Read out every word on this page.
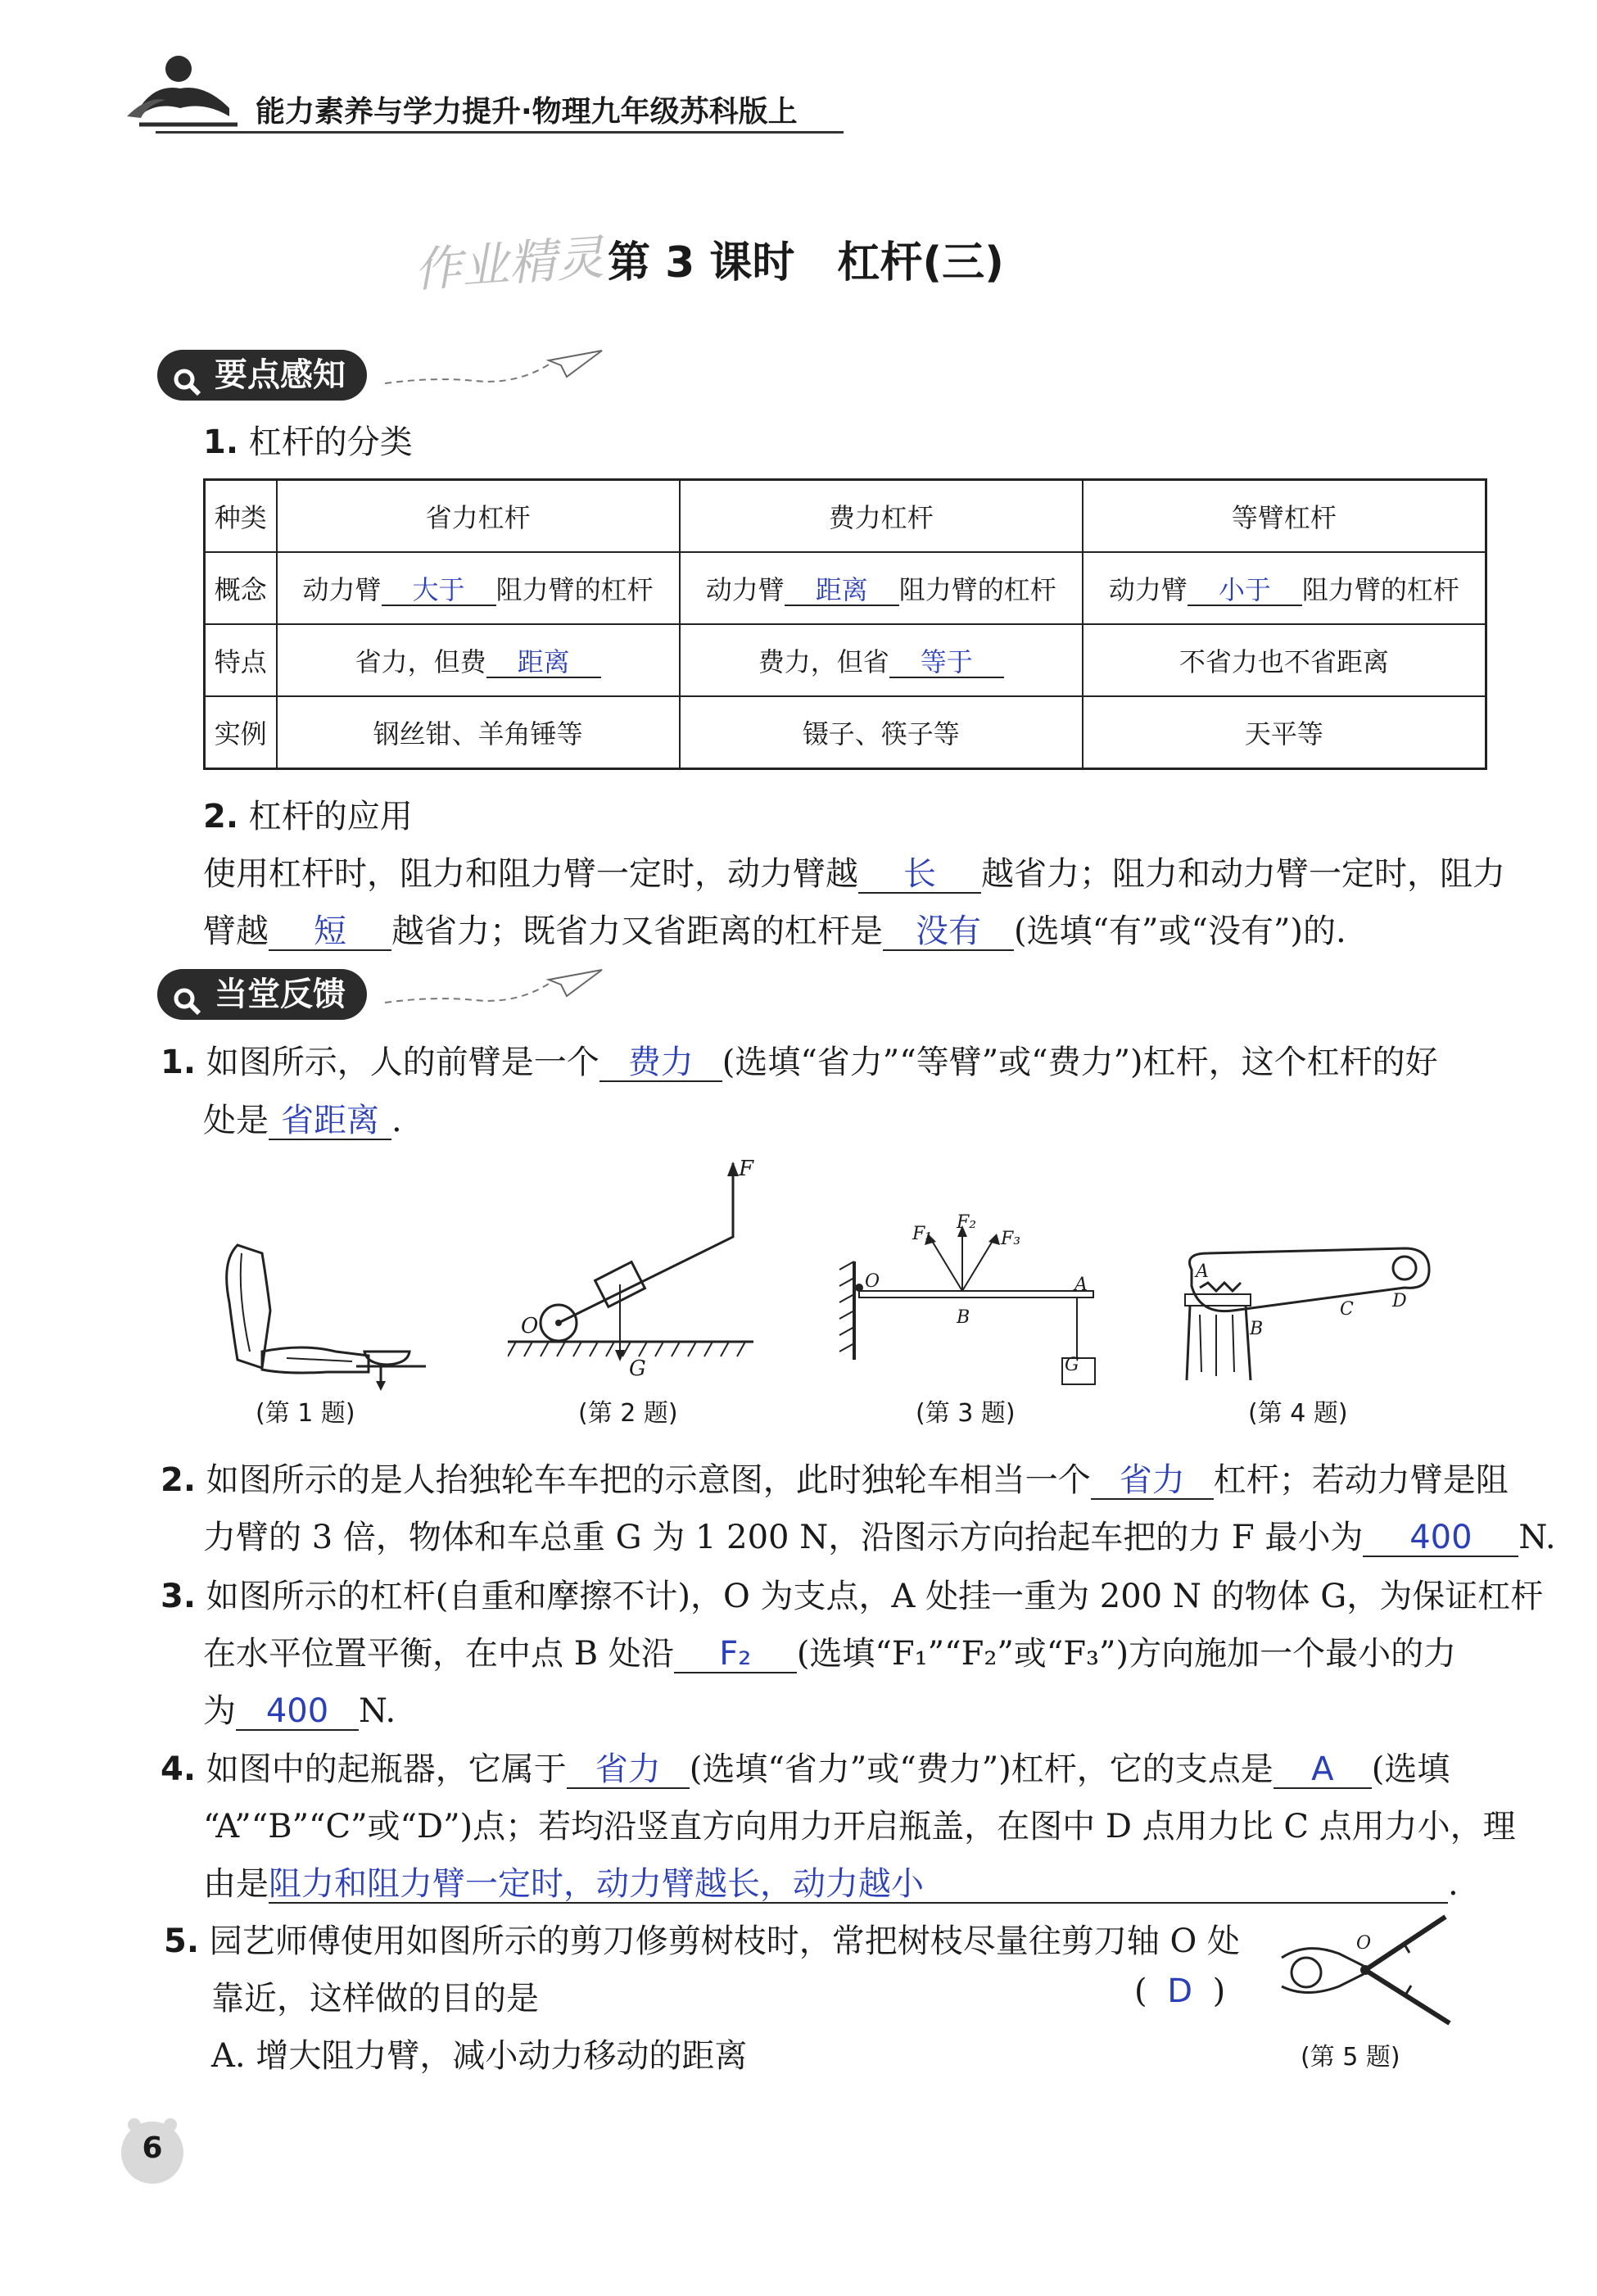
能力素养与学力提升·物理九年级苏科版上
作业精灵 第 3 课时　杠杆(三)
要点感知
1. 杠杆的分类
种类	省力杠杆	费力杠杆	等臂杠杆
概念	动力臂 大于 阻力臂的杠杆	动力臂 距离 阻力臂的杠杆	动力臂 小于 阻力臂的杠杆
特点	省力，但费 距离	费力，但省 等于	不省力也不省距离
实例	钢丝钳、羊角锤等	镊子、筷子等	天平等
2. 杠杆的应用
使用杠杆时，阻力和阻力臂一定时，动力臂越 长 越省力；阻力和动力臂一定时，阻力
臂越 短 越省力；既省力又省距离的杠杆是 没有 (选填“有”或“没有”)的.
当堂反馈
1. 如图所示，人的前臂是一个 费力 (选填“省力”“等臂”或“费力”)杠杆，这个杠杆的好
处是 省距离 .
(第 1 题)
F
O
G
(第 2 题)
F₁
F₂
F₃
O	A
B
G
(第 3 题)
A
B
C D
(第 4 题)
2. 如图所示的是人抬独轮车车把的示意图，此时独轮车相当一个 省力 杠杆；若动力臂是阻
力臂的 3 倍，物体和车总重 G 为 1 200 N，沿图示方向抬起车把的力 F 最小为 400 N.
3. 如图所示的杠杆(自重和摩擦不计)，O 为支点，A 处挂一重为 200 N 的物体 G，为保证杠杆
在水平位置平衡，在中点 B 处沿 F₂ (选填“F₁”“F₂”或“F₃”)方向施加一个最小的力
为 400 N.
4. 如图中的起瓶器，它属于 省力 (选填“省力”或“费力”)杠杆，它的支点是 A (选填
“A”“B”“C”或“D”)点；若均沿竖直方向用力开启瓶盖，在图中 D 点用力比 C 点用力小，理
由是阻力和阻力臂一定时，动力臂越长，动力越小	.
5. 园艺师傅使用如图所示的剪刀修剪树枝时，常把树枝尽量往剪刀轴 O 处
靠近，这样做的目的是	( D )
A. 增大阻力臂，减小动力移动的距离
O
(第 5 题)
6
